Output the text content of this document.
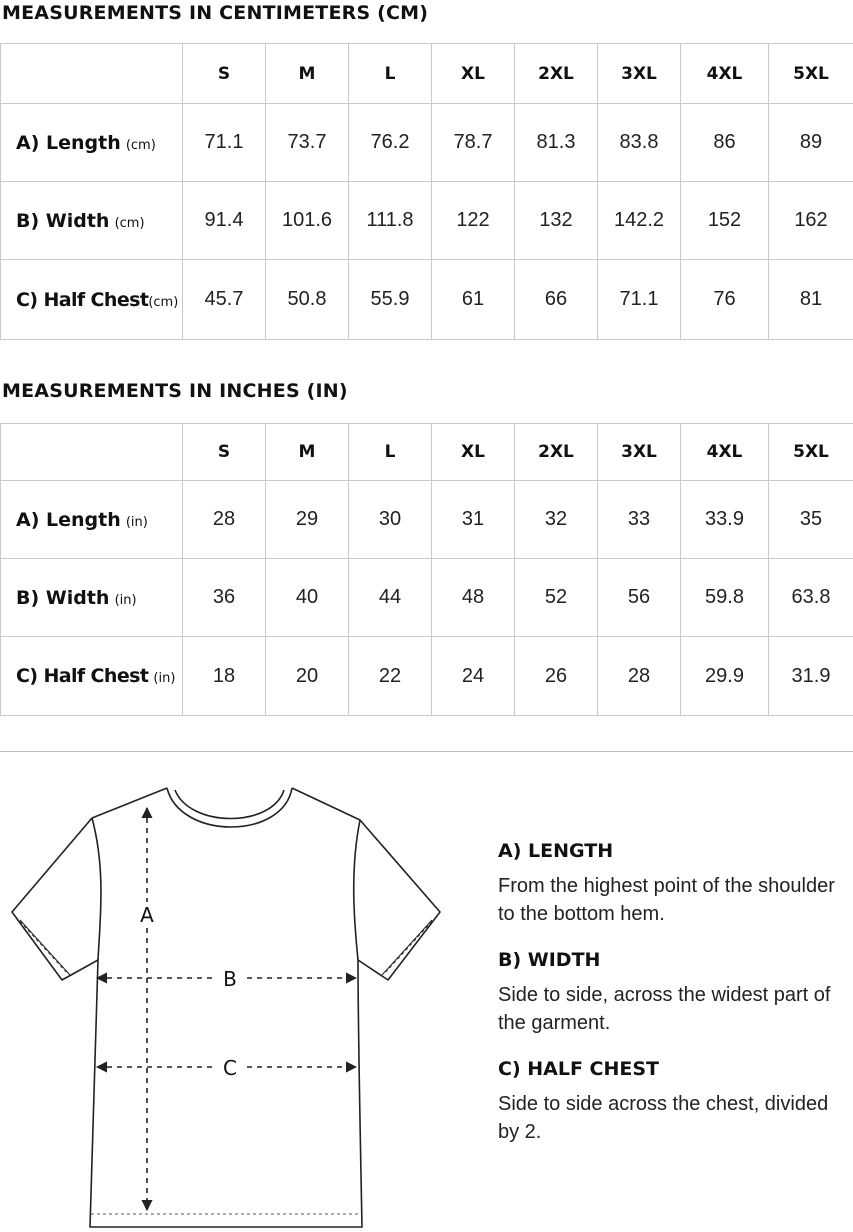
MEASUREMENTS IN CENTIMETERS (CM)
	S	M	L	XL	2XL	3XL	4XL	5XL
A) Length (cm)	71.1	73.7	76.2	78.7	81.3	83.8	86	89
B) Width (cm)	91.4	101.6	111.8	122	132	142.2	152	162
C) Half Chest(cm)	45.7	50.8	55.9	61	66	71.1	76	81
MEASUREMENTS IN INCHES (IN)
	S	M	L	XL	2XL	3XL	4XL	5XL
A) Length (in)	28	29	30	31	32	33	33.9	35
B) Width (in)	36	40	44	48	52	56	59.8	63.8
C) Half Chest (in)	18	20	22	24	26	28	29.9	31.9
A
B
C

A) LENGTH

From the highest point of the shoulder to the bottom hem.

B) WIDTH

Side to side, across the widest part of the garment.

C) HALF CHEST

Side to side across the chest, divided by 2.
